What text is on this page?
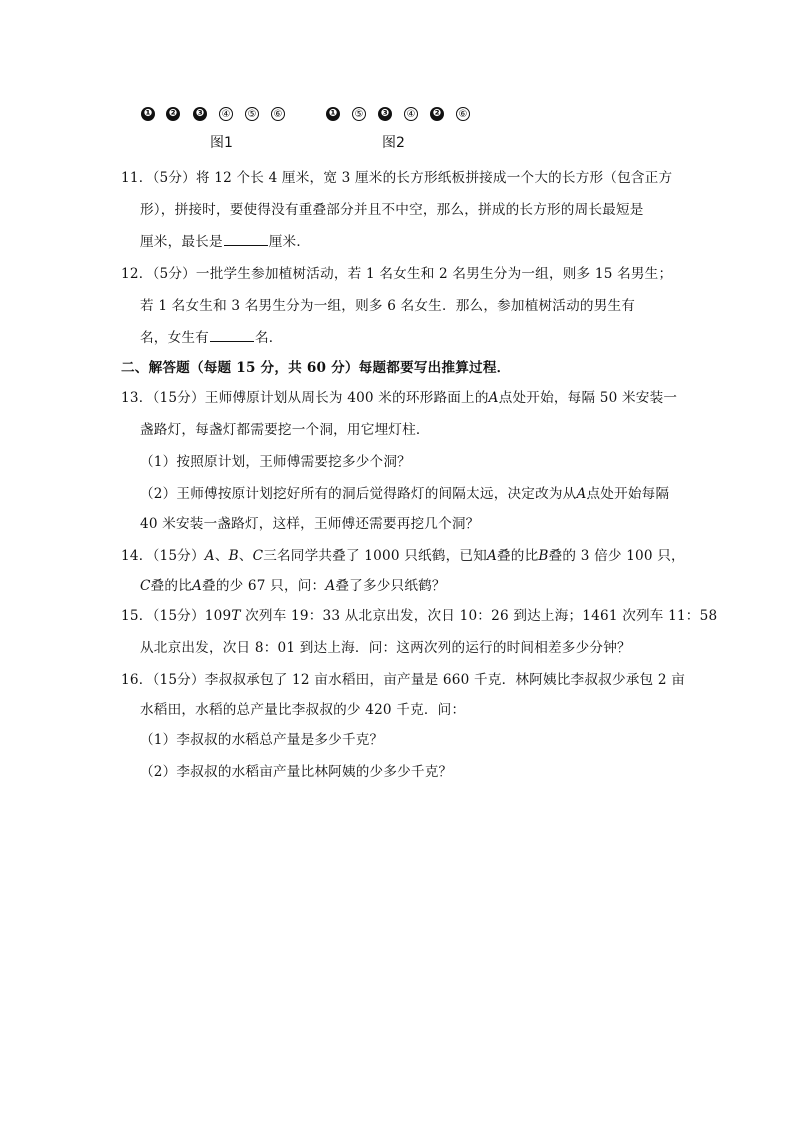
❶ ❷ ❸ ④ ⑤ ⑥
图1
❶ ⑤ ❸ ④ ❷ ⑥
图2
11．（5分）将 12 个长 4 厘米，宽 3 厘米的长方形纸板拼接成一个大的长方形（包含正方
形），拼接时，要使得没有重叠部分并且不中空，那么，拼成的长方形的周长最短是
厘米，最长是	厘米．
12．（5分）一批学生参加植树活动，若 1 名女生和 2 名男生分为一组，则多 15 名男生；
若 1 名女生和 3 名男生分为一组，则多 6 名女生．那么，参加植树活动的男生有
名，女生有	名．
二、解答题（每题 15 分，共 60 分）每题都要写出推算过程．
13．（15分）王师傅原计划从周长为 400 米的环形路面上的A点处开始，每隔 50 米安装一
盏路灯，每盏灯都需要挖一个洞，用它埋灯柱．
（1）按照原计划，王师傅需要挖多少个洞？
（2）王师傅按原计划挖好所有的洞后觉得路灯的间隔太远，决定改为从A点处开始每隔
40 米安装一盏路灯，这样，王师傅还需要再挖几个洞？
14．（15分）A、B、C三名同学共叠了 1000 只纸鹤，已知A叠的比B叠的 3 倍少 100 只，
C叠的比A叠的少 67 只，问：A叠了多少只纸鹤？
15．（15分）109T 次列车 19：33 从北京出发，次日 10：26 到达上海；1461 次列车 11：58
从北京出发，次日 8：01 到达上海．问：这两次列的运行的时间相差多少分钟？
16．（15分）李叔叔承包了 12 亩水稻田，亩产量是 660 千克．林阿姨比李叔叔少承包 2 亩
水稻田，水稻的总产量比李叔叔的少 420 千克．问：
（1）李叔叔的水稻总产量是多少千克？
（2）李叔叔的水稻亩产量比林阿姨的少多少千克？
